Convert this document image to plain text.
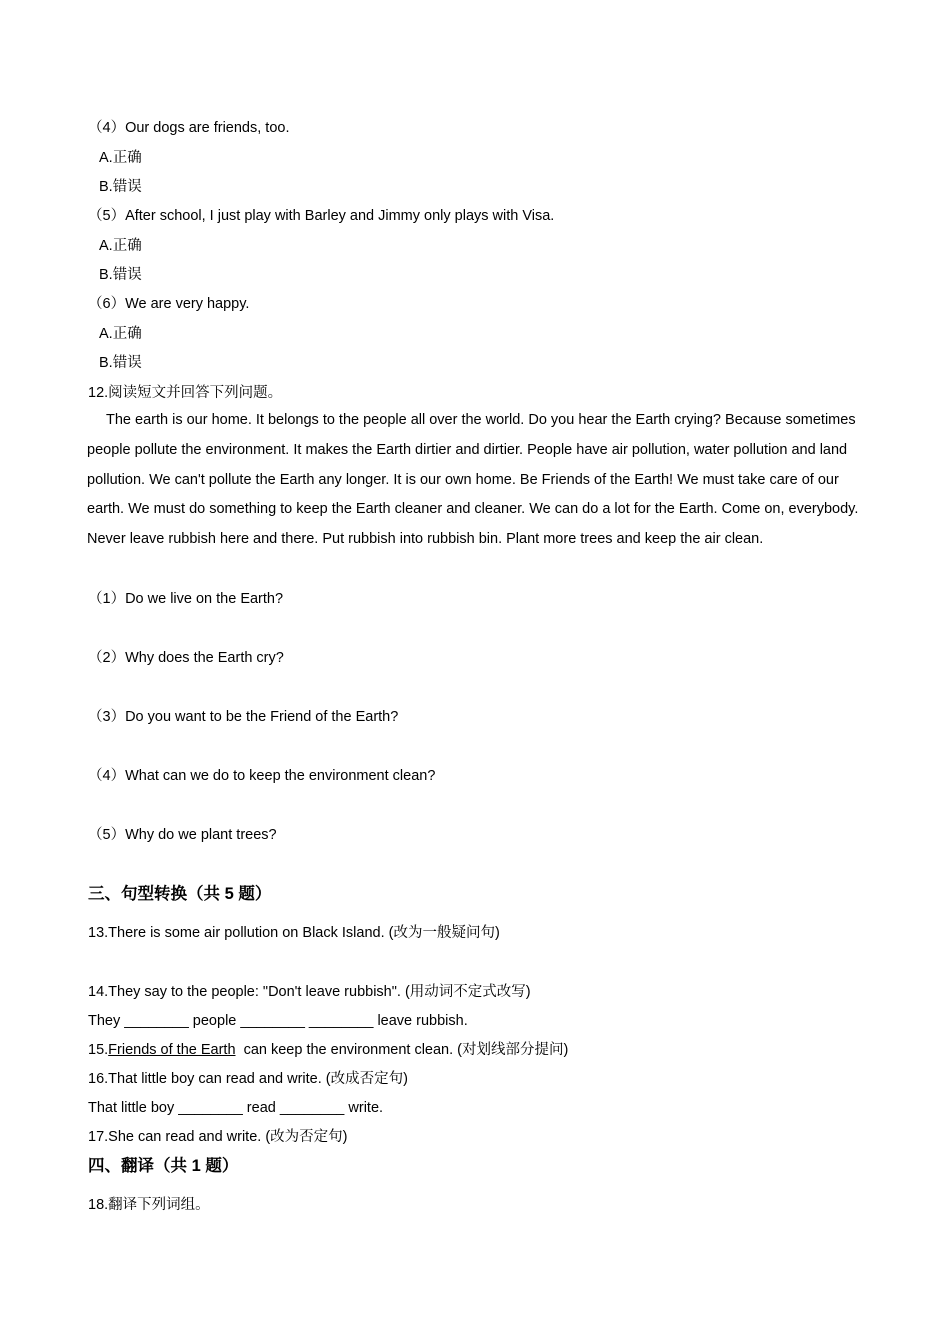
（4）Our dogs are friends, too.
A.正确
B.错误
（5）After school, I just play with Barley and Jimmy only plays with Visa.
A.正确
B.错误
（6）We are very happy.
A.正确
B.错误
12.阅读短文并回答下列问题。
The earth is our home. It belongs to the people all over the world. Do you hear the Earth crying? Because sometimes people pollute the environment. It makes the Earth dirtier and dirtier. People have air pollution, water pollution and land pollution. We can't pollute the Earth any longer. It is our own home. Be Friends of the Earth! We must take care of our earth. We must do something to keep the Earth cleaner and cleaner. We can do a lot for the Earth. Come on, everybody. Never leave rubbish here and there. Put rubbish into rubbish bin. Plant more trees and keep the air clean.
（1）Do we live on the Earth?
（2）Why does the Earth cry?
（3）Do you want to be the Friend of the Earth?
（4）What can we do to keep the environment clean?
（5）Why do we plant trees?
三、句型转换（共 5 题）
13.There is some air pollution on Black Island. (改为一般疑问句)
14.They say to the people: "Don't leave rubbish". (用动词不定式改写)
They ________ people ________ ________ leave rubbish.
15.Friends of the Earth  can keep the environment clean. (对划线部分提问)
16.That little boy can read and write. (改成否定句)
That little boy ________ read ________ write.
17.She can read and write. (改为否定句)
四、翻译（共 1 题）
18.翻译下列词组。
